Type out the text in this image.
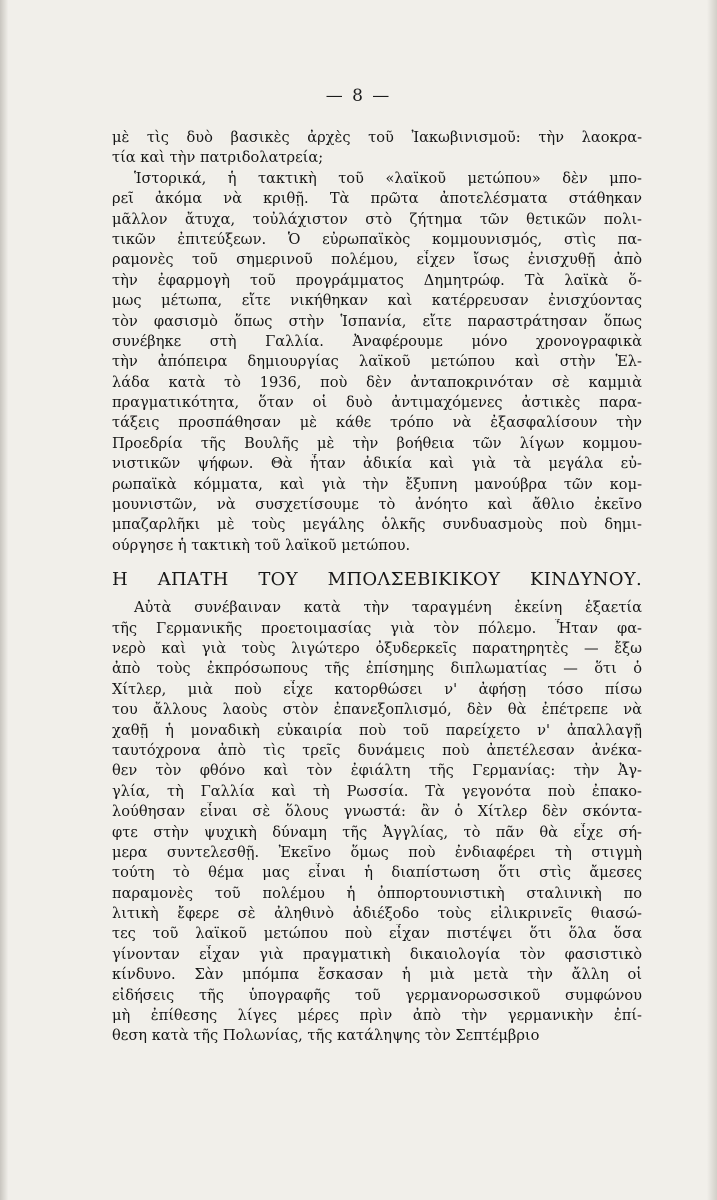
— 8 —
μὲ τὶς δυὸ βασικὲς ἀρχὲς τοῦ Ἰακωβινισμοῦ: τὴν λαοκρα-
τία καὶ τὴν πατριδολατρεία;
Ἱστορικά, ἡ τακτικὴ τοῦ «λαϊκοῦ μετώπου» δὲν μπο-
ρεῖ ἀκόμα νὰ κριθῇ. Τὰ πρῶτα ἀποτελέσματα στάθηκαν
μᾶλλον ἄτυχα, τοὐλάχιστον στὸ ζήτημα τῶν θετικῶν πολι-
τικῶν ἐπιτεύξεων. Ὁ εὐρωπαϊκὸς κομμουνισμός, στὶς πα-
ραμονὲς τοῦ σημερινοῦ πολέμου, εἶχεν ἴσως ἐνισχυθῇ ἀπὸ
τὴν ἐφαρμογὴ τοῦ προγράμματος Δημητρώφ. Τὰ λαϊκὰ ὅ-
μως μέτωπα, εἴτε νικήθηκαν καὶ κατέρρευσαν ἐνισχύοντας
τὸν φασισμὸ ὅπως στὴν Ἱσπανία, εἴτε παραστράτησαν ὅπως
συνέβηκε στὴ Γαλλία. Ἀναφέρουμε μόνο χρονογραφικὰ
τὴν ἀπόπειρα δημιουργίας λαϊκοῦ μετώπου καὶ στὴν Ἑλ-
λάδα κατὰ τὸ 1936, ποὺ δὲν ἀνταποκρινόταν σὲ καμμιὰ
πραγματικότητα, ὅταν οἱ δυὸ ἀντιμαχόμενες ἀστικὲς παρα-
τάξεις προσπάθησαν μὲ κάθε τρόπο νὰ ἐξασφαλίσουν τὴν
Προεδρία τῆς Βουλῆς μὲ τὴν βοήθεια τῶν λίγων κομμου-
νιστικῶν ψήφων. Θὰ ἦταν ἀδικία καὶ γιὰ τὰ μεγάλα εὐ-
ρωπαϊκὰ κόμματα, καὶ γιὰ τὴν ἔξυπνη μανούβρα τῶν κομ-
μουνιστῶν, νὰ συσχετίσουμε τὸ ἀνόητο καὶ ἄθλιο ἐκεῖνο
μπαζαρλῆκι μὲ τοὺς μεγάλης ὁλκῆς συνδυασμοὺς ποὺ δημι-
ούργησε ἡ τακτικὴ τοῦ λαϊκοῦ μετώπου.
Η ΑΠΑΤΗ ΤΟΥ ΜΠΟΛΣΕΒΙΚΙΚΟΥ ΚΙΝΔΥΝΟΥ.
Αὐτὰ συνέβαιναν κατὰ τὴν ταραγμένη ἐκείνη ἑξαετία
τῆς Γερμανικῆς προετοιμασίας γιὰ τὸν πόλεμο. Ἦταν φα-
νερὸ καὶ γιὰ τοὺς λιγώτερο ὀξυδερκεῖς παρατηρητὲς — ἔξω
ἀπὸ τοὺς ἐκπρόσωπους τῆς ἐπίσημης διπλωματίας — ὅτι ὁ
Χίτλερ, μιὰ ποὺ εἶχε κατορθώσει ν' ἀφήσῃ τόσο πίσω
του ἄλλους λαοὺς στὸν ἐπανεξοπλισμό, δὲν θὰ ἐπέτρεπε νὰ
χαθῇ ἡ μοναδικὴ εὐκαιρία ποὺ τοῦ παρείχετο ν' ἀπαλλαγῇ
ταυτόχρονα ἀπὸ τὶς τρεῖς δυνάμεις ποὺ ἀπετέλεσαν ἀνέκα-
θεν τὸν φθόνο καὶ τὸν ἐφιάλτη τῆς Γερμανίας: τὴν Ἀγ-
γλία, τὴ Γαλλία καὶ τὴ Ρωσσία. Τὰ γεγονότα ποὺ ἐπακο-
λούθησαν εἶναι σὲ ὅλους γνωστά: ἂν ὁ Χίτλερ δὲν σκόντα-
φτε στὴν ψυχικὴ δύναμη τῆς Ἀγγλίας, τὸ πᾶν θὰ εἶχε σή-
μερα συντελεσθῇ. Ἐκεῖνο ὅμως ποὺ ἐνδιαφέρει τὴ στιγμὴ
τούτη τὸ θέμα μας εἶναι ἡ διαπίστωση ὅτι στὶς ἄμεσες
παραμονὲς τοῦ πολέμου ἡ ὀππορτουνιστικὴ σταλινικὴ πο
λιτικὴ ἔφερε σὲ ἀληθινὸ ἀδιέξοδο τοὺς εἰλικρινεῖς θιασώ-
τες τοῦ λαϊκοῦ μετώπου ποὺ εἶχαν πιστέψει ὅτι ὅλα ὅσα
γίνονταν εἶχαν γιὰ πραγματικὴ δικαιολογία τὸν φασιστικὸ
κίνδυνο. Σὰν μπόμπα ἔσκασαν ἡ μιὰ μετὰ τὴν ἄλλη οἱ
εἰδήσεις τῆς ὑπογραφῆς τοῦ γερμανορωσσικοῦ συμφώνου
μὴ ἐπίθεσης λίγες μέρες πρὶν ἀπὸ τὴν γερμανικὴν ἐπί-
θεση κατὰ τῆς Πολωνίας, τῆς κατάληψης τὸν Σεπτέμβριο
